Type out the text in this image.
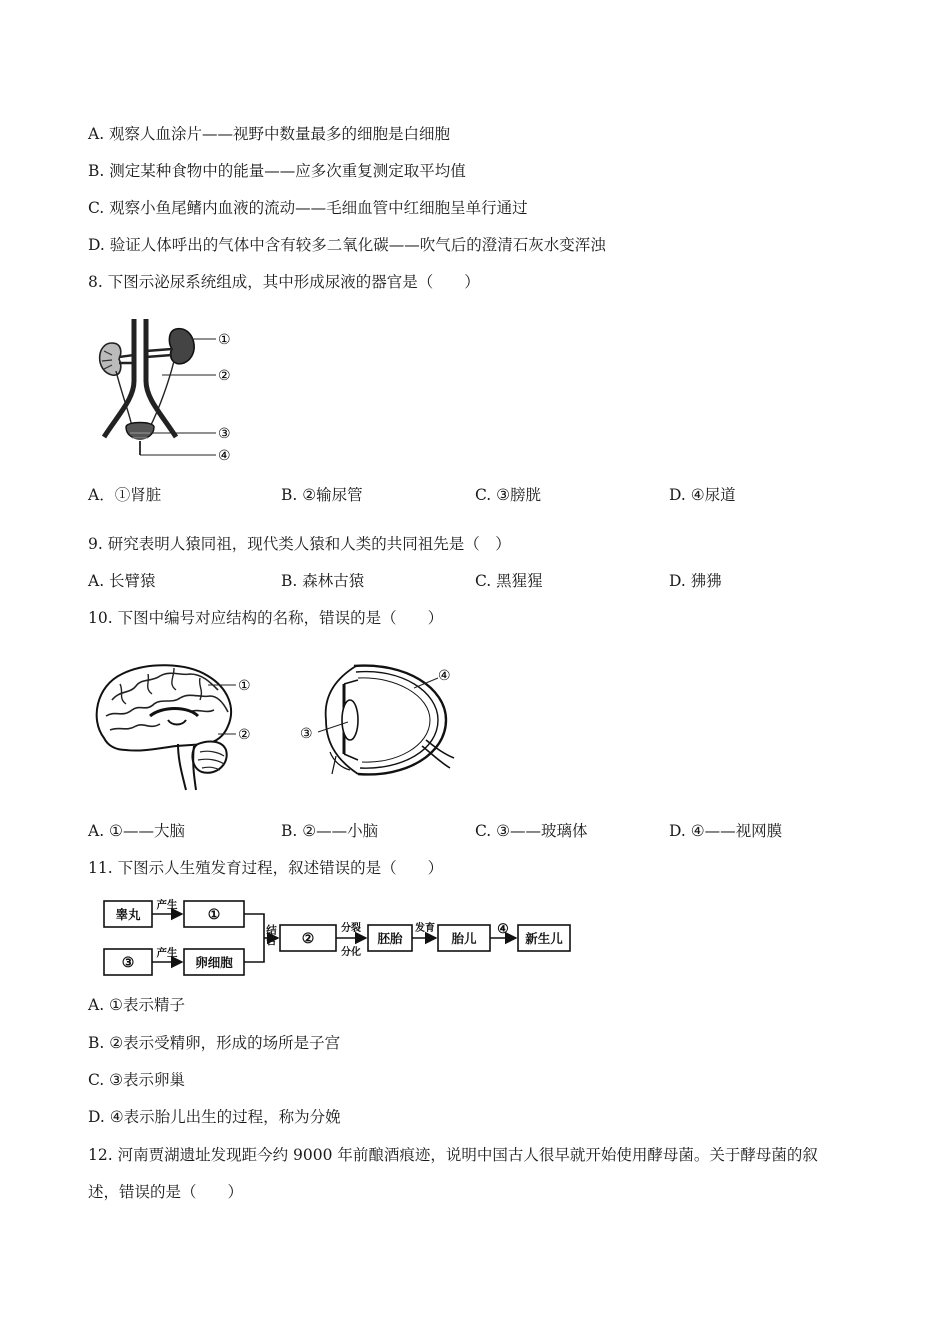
A. 观察人血涂片——视野中数量最多的细胞是白细胞
B. 测定某种食物中的能量——应多次重复测定取平均值
C. 观察小鱼尾鳍内血液的流动——毛细血管中红细胞呈单行通过
D. 验证人体呼出的气体中含有较多二氧化碳——吹气后的澄清石灰水变浑浊
8. 下图示泌尿系统组成，其中形成尿液的器官是（　　）
①
②
③
④
A．①肾脏	B. ②输尿管	C. ③膀胱	D. ④尿道
9. 研究表明人猿同祖，现代类人猿和人类的共同祖先是（　）
A. 长臂猿	B. 森林古猿	C. 黑猩猩	D. 狒狒
10. 下图中编号对应结构的名称，错误的是（　　）
①
②	③
④
A. ①——大脑	B. ②——小脑	C. ③——玻璃体	D. ④——视网膜
11. 下图示人生殖发育过程，叙述错误的是（　　）
睾丸
产生
①
③
产生
卵细胞
结合 ②
分裂
分化
胚胎
发育
胎儿
④
新生儿
A. ①表示精子
B. ②表示受精卵，形成的场所是子宫
C. ③表示卵巢
D. ④表示胎儿出生的过程，称为分娩
12. 河南贾湖遗址发现距今约 9000 年前酿酒痕迹，说明中国古人很早就开始使用酵母菌。关于酵母菌的叙
述，错误的是（　　）
